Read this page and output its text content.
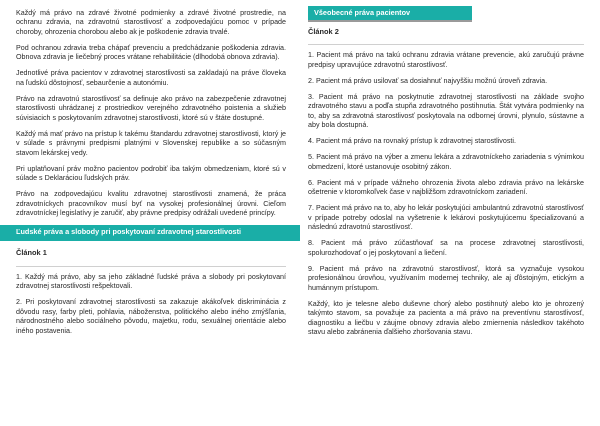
Každý má právo na zdravé životné podmienky a zdravé životné prostredie, na ochranu zdravia, na zdravotnú starostlivosť a zodpovedajúcu pomoc v prípade choroby, ohrozenia chorobou alebo ak je poškodenie zdravia trvalé.

Pod ochranou zdravia treba chápať prevenciu a predchádzanie poškodenia zdravia. Obnova zdravia je liečebný proces vrátane rehabilitácie (dlhodobá obnova zdravia).

Jednotlivé práva pacientov v zdravotnej starostlivosti sa zakladajú na práve človeka na ľudskú dôstojnosť, sebaurčenie a autonómiu.

Právo na zdravotnú starostlivosť sa definuje ako právo na zabezpečenie zdravotnej starostlivosti uhrádzanej z prostriedkov verejného zdravotného poistenia a služieb súvisiacich s poskytovaním zdravotnej starostlivosti, ktoré sú v štáte dostupné.

Každý má mať právo na prístup k takému štandardu zdravotnej starostlivosti, ktorý je v súlade s právnymi predpismi platnými v Slovenskej republike a so súčasným stavom lekárskej vedy.

Pri uplatňovaní práv možno pacientov podrobiť iba takým obmedzeniam, ktoré sú v súlade s Deklaráciou ľudských práv.

Právo na zodpovedajúcu kvalitu zdravotnej starostlivosti znamená, že práca zdravotníckych pracovníkov musí byť na vysokej profesionálnej úrovni. Cieľom zdravotníckej legislatívy je zaručiť, aby právne predpisy odrážali uvedené princípy.

Ľudské práva a slobody pri poskytovaní zdravotnej starostlivosti
Článok 1

1. Každý má právo, aby sa jeho základné ľudské práva a slobody pri poskytovaní zdravotnej starostlivosti rešpektovali.

2. Pri poskytovaní zdravotnej starostlivosti sa zakazuje akákoľvek diskriminácia z dôvodu rasy, farby pleti, pohlavia, náboženstva, politického alebo iného zmýšľania, národnostného alebo sociálneho pôvodu, majetku, rodu, sexuálnej orientácie alebo iného postavenia.

Všeobecné práva pacientov
Článok 2

1. Pacient má právo na takú ochranu zdravia vrátane prevencie, akú zaručujú právne predpisy upravujúce zdravotnú starostlivosť.

2. Pacient má právo usilovať sa dosiahnuť najvyššiu možnú úroveň zdravia.

3. Pacient má právo na poskytnutie zdravotnej starostlivosti na základe svojho zdravotného stavu a podľa stupňa zdravotného postihnutia. Štát vytvára podmienky na to, aby sa zdravotná starostlivosť poskytovala na odbornej úrovni, plynulo, sústavne a aby bola dostupná.

4. Pacient má právo na rovnaký prístup k zdravotnej starostlivosti.

5. Pacient má právo na výber a zmenu lekára a zdravotníckeho zariadenia s výnimkou obmedzení, ktoré ustanovuje osobitný zákon.

6. Pacient má v prípade vážneho ohrozenia života alebo zdravia právo na lekárske ošetrenie v ktoromkoľvek čase v najbližšom zdravotníckom zariadení.

7. Pacient má právo na to, aby ho lekár poskytujúci ambulantnú zdravotnú starostlivosť v prípade potreby odoslal na vyšetrenie k lekárovi poskytujúcemu špecializovanú a následnú zdravotnú starostlivosť.

8. Pacient má právo zúčastňovať sa na procese zdravotnej starostlivosti, spolurozhodovať o jej poskytovaní a liečení.

9. Pacient má právo na zdravotnú starostlivosť, ktorá sa vyznačuje vysokou profesionálnou úrovňou, využívaním modernej techniky, ale aj ďôstojným, etickým a humánnym prístupom.

Každý, kto je telesne alebo duševne chorý alebo postihnutý alebo kto je ohrozený takýmto stavom, sa považuje za pacienta a má právo na preventívnu starostlivosť, diagnostiku a liečbu v záujme obnovy zdravia alebo zmiernenia následkov takéhoto stavu alebo zabránenia ďalšieho zhoršovania stavu.
